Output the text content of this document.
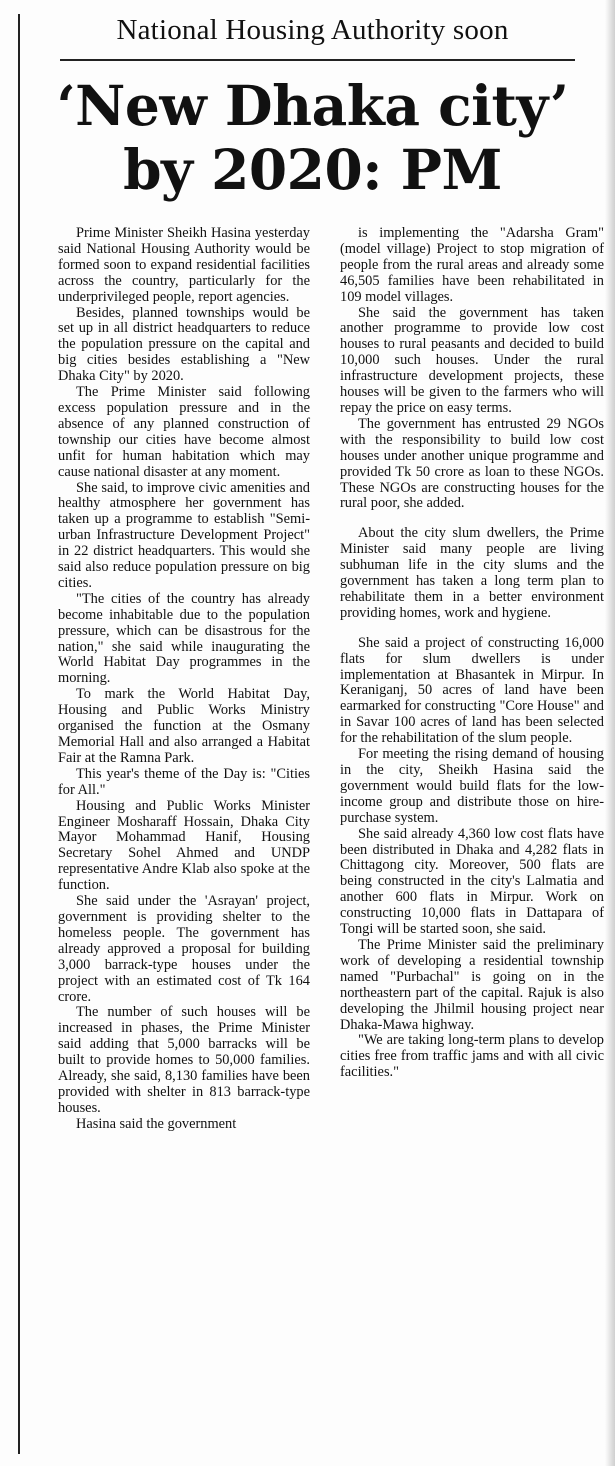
National Housing Authority soon
‘New Dhaka city’
by 2020: PM

Prime Minister Sheikh Hasina yesterday said National Housing Authority would be formed soon to expand residential facilities across the country, particularly for the underprivileged people, report agencies.

Besides, planned townships would be set up in all district headquarters to reduce the population pressure on the capital and big cities besides establishing a "New Dhaka City" by 2020.

The Prime Minister said following excess population pressure and in the absence of any planned construction of township our cities have become almost unfit for human habitation which may cause national disaster at any moment.

She said, to improve civic amenities and healthy atmosphere her government has taken up a programme to establish "Semi-urban Infrastructure Development Project" in 22 district headquarters. This would she said also reduce population pressure on big cities.

"The cities of the country has already become inhabitable due to the population pressure, which can be disastrous for the nation," she said while inaugurating the World Habitat Day programmes in the morning.

To mark the World Habitat Day, Housing and Public Works Ministry organised the function at the Osmany Memorial Hall and also arranged a Habitat Fair at the Ramna Park.

This year's theme of the Day is: "Cities for All."

Housing and Public Works Minister Engineer Mosharaff Hossain, Dhaka City Mayor Mohammad Hanif, Housing Secretary Sohel Ahmed and UNDP representative Andre Klab also spoke at the function.

She said under the 'Asrayan' project, government is providing shelter to the homeless people. The government has already approved a proposal for building 3,000 barrack-type houses under the project with an estimated cost of Tk 164 crore.

The number of such houses will be increased in phases, the Prime Minister said adding that 5,000 barracks will be built to provide homes to 50,000 families. Already, she said, 8,130 families have been provided with shelter in 813 barrack-type houses.

Hasina said the government

is implementing the "Adarsha Gram" (model village) Project to stop migration of people from the rural areas and already some 46,505 families have been rehabilitated in 109 model villages.

She said the government has taken another programme to provide low cost houses to rural peasants and decided to build 10,000 such houses. Under the rural infrastructure development projects, these houses will be given to the farmers who will repay the price on easy terms.

The government has entrusted 29 NGOs with the responsibility to build low cost houses under another unique programme and provided Tk 50 crore as loan to these NGOs. These NGOs are constructing houses for the rural poor, she added.

About the city slum dwellers, the Prime Minister said many people are living subhuman life in the city slums and the government has taken a long term plan to rehabilitate them in a better environment providing homes, work and hygiene.

She said a project of constructing 16,000 flats for slum dwellers is under implementation at Bhasantek in Mirpur. In Keraniganj, 50 acres of land have been earmarked for constructing "Core House" and in Savar 100 acres of land has been selected for the rehabilitation of the slum people.

For meeting the rising demand of housing in the city, Sheikh Hasina said the government would build flats for the low-income group and distribute those on hire-purchase system.

She said already 4,360 low cost flats have been distributed in Dhaka and 4,282 flats in Chittagong city. Moreover, 500 flats are being constructed in the city's Lalmatia and another 600 flats in Mirpur. Work on constructing 10,000 flats in Dattapara of Tongi will be started soon, she said.

The Prime Minister said the preliminary work of developing a residential township named "Purbachal" is going on in the northeastern part of the capital. Rajuk is also developing the Jhilmil housing project near Dhaka-Mawa highway.

"We are taking long-term plans to develop cities free from traffic jams and with all civic facilities."
